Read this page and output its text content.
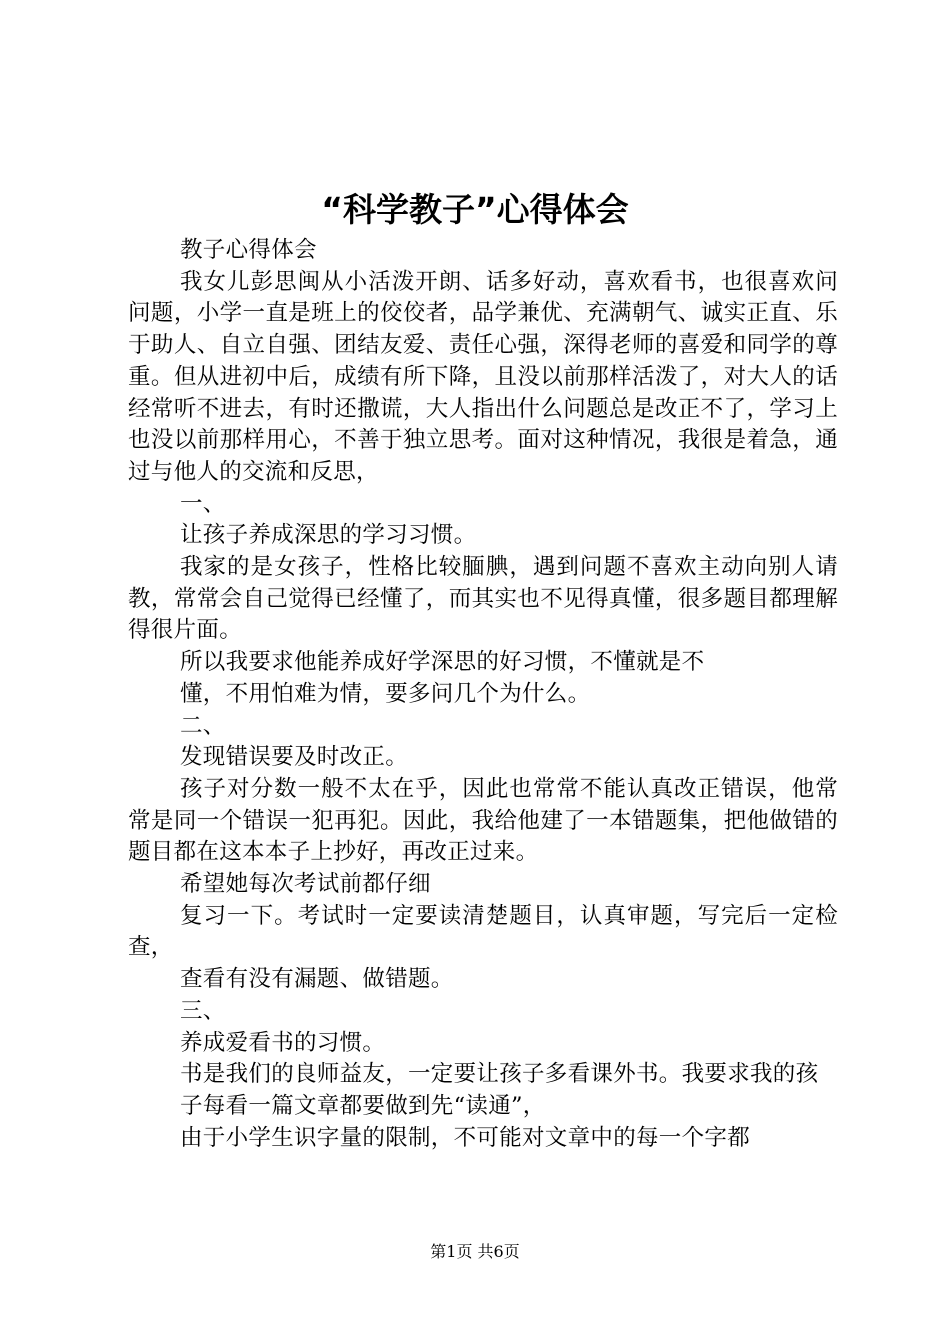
“科学教子”心得体会

教子心得体会

我女儿彭思闽从小活泼开朗、话多好动，喜欢看书，也很喜欢问问题，小学一直是班上的佼佼者，品学兼优、充满朝气、诚实正直、乐于助人、自立自强、团结友爱、责任心强，深得老师的喜爱和同学的尊重。但从进初中后，成绩有所下降，且没以前那样活泼了，对大人的话经常听不进去，有时还撒谎，大人指出什么问题总是改正不了，学习上也没以前那样用心，不善于独立思考。面对这种情况，我很是着急，通过与他人的交流和反思，

一、

让孩子养成深思的学习习惯。

我家的是女孩子，性格比较腼腆，遇到问题不喜欢主动向别人请教，常常会自己觉得已经懂了，而其实也不见得真懂，很多题目都理解得很片面。

所以我要求他能养成好学深思的好习惯，不懂就是不

懂，不用怕难为情，要多问几个为什么。

二、

发现错误要及时改正。

孩子对分数一般不太在乎，因此也常常不能认真改正错误，他常常是同一个错误一犯再犯。因此，我给他建了一本错题集，把他做错的题目都在这本本子上抄好，再改正过来。

希望她每次考试前都仔细

复习一下。考试时一定要读清楚题目，认真审题，写完后一定检查，

查看有没有漏题、做错题。

三、

养成爱看书的习惯。

书是我们的良师益友，一定要让孩子多看课外书。我要求我的孩

子每看一篇文章都要做到先“读通”，

由于小学生识字量的限制，不可能对文章中的每一个字都

第1页 共6页
